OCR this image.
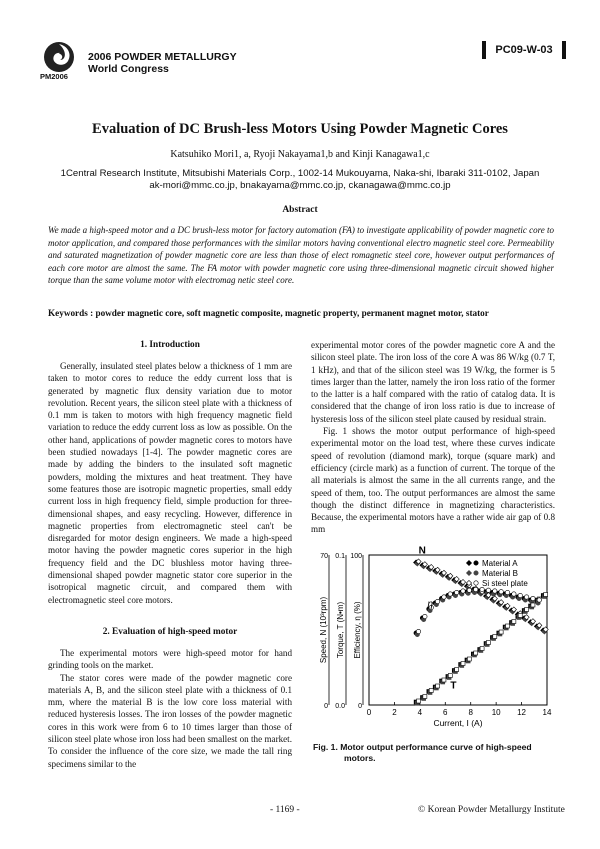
PM2006
2006 POWDER METALLURGY
World Congress
PC09-W-03
Evaluation of DC Brush-less Motors Using Powder Magnetic Cores
Katsuhiko Mori1, a, Ryoji Nakayama1,b and Kinji Kanagawa1,c
1Central Research Institute, Mitsubishi Materials Corp., 1002-14 Mukouyama, Naka-shi, Ibaraki 311-0102, Japan
ak-mori@mmc.co.jp, bnakayama@mmc.co.jp, ckanagawa@mmc.co.jp
Abstract
We made a high-speed motor and a DC brush-less motor for factory automation (FA) to investigate applicability of powder magnetic core to motor application, and compared those performances with the similar motors having conventional electro magnetic steel core. Permeability and saturated magnetization of powder magnetic core are less than those of elect romagnetic steel core, however output performances of each core motor are almost the same. The FA motor with powder magnetic core using three-dimensional magnetic circuit showed higher torque than the same volume motor with electromag netic steel core.
Keywords : powder magnetic core, soft magnetic composite, magnetic property, permanent magnet motor, stator
1. Introduction

Generally, insulated steel plates below a thickness of 1 mm are taken to motor cores to reduce the eddy current loss that is generated by magnetic flux density variation due to motor revolution. Recent years, the silicon steel plate with a thickness of 0.1 mm is taken to motors with high frequency magnetic field variation to reduce the eddy current loss as low as possible. On the other hand, applications of powder magnetic cores to motors have been studied nowadays [1-4]. The powder magnetic cores are made by adding the binders to the insulated soft magnetic powders, molding the mixtures and heat treatment. They have some features those are isotropic magnetic properties, small eddy current loss in high frequency field, simple production for three-dimensional shapes, and easy recycling. However, difference in magnetic properties from electromagnetic steel can't be disregarded for motor design engineers. We made a high-speed motor having the powder magnetic cores superior in the high frequency field and the DC blushless motor having three-dimensional shaped powder magnetic stator core superior in the isotropical magnetic circuit, and compared them with electromagnetic steel core motors.

2. Evaluation of high-speed motor

The experimental motors were high-speed motor for hand grinding tools on the market.

The stator cores were made of the powder magnetic core materials A, B, and the silicon steel plate with a thickness of 0.1 mm, where the material B is the low core loss material with reduced hysteresis losses. The iron losses of the powder magnetic cores in this work were from 6 to 10 times larger than those of silicon steel plate whose iron loss had been smallest on the market. To consider the influence of the core size, we made the tall ring specimens similar to the

experimental motor cores of the powder magnetic core A and the silicon steel plate. The iron loss of the core A was 86 W/kg (0.7 T, 1 kHz), and that of the silicon steel was 19 W/kg, the former is 5 times larger than the latter, namely the iron loss ratio of the former to the latter is a half compared with the ratio of catalog data. It is considered that the change of iron loss ratio is due to increase of hysteresis loss of the silicon steel plate caused by residual strain.

Fig. 1 shows the motor output performance of high-speed experimental motor on the load test, where these curves indicate speed of revolution (diamond mark), torque (square mark) and efficiency (circle mark) as a function of current. The torque of the all materials is almost the same in the all currents range, and the speed of them, too. The output performances are almost the same though the distinct difference in magnetizing characteristics. Because, the experimental motors have a rather wide air gap of 0.8 mm

70
0
Speed, N (10³rpm)
0.1
0.0
Torque, T (N•m)
100
0
Efficiency, η (%)
0	2	4	6	8 10 12 14
Current, I (A)
N
η
T
Material A
Material B
Si steel plate
Fig. 1. Motor output performance curve of high-speed
motors.
- 1169 -	© Korean Powder Metallurgy Institute
